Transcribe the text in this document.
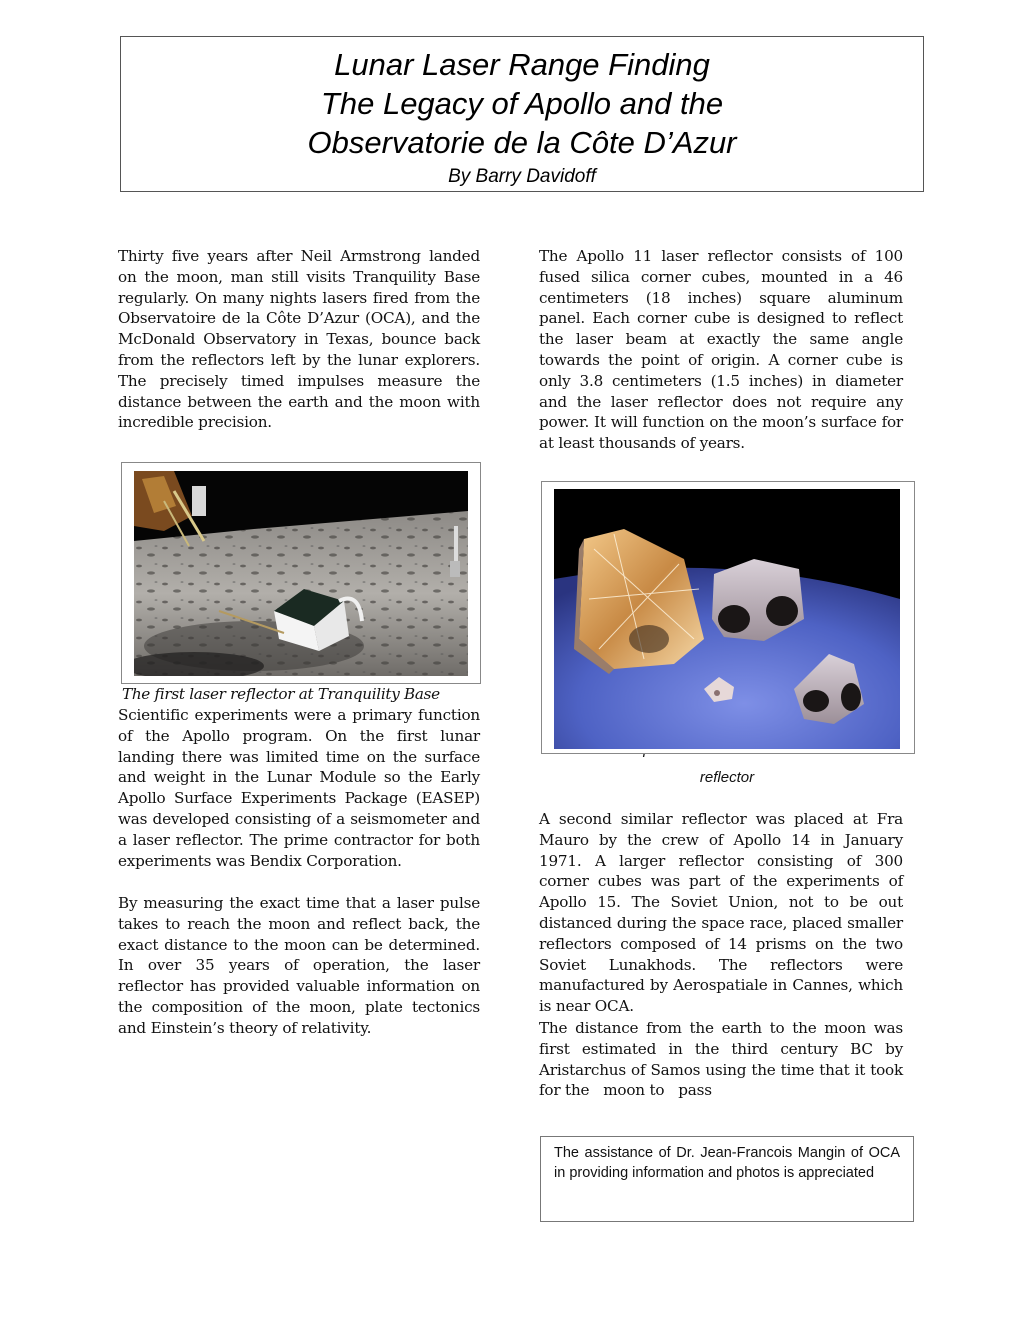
Lunar Laser Range Finding
The Legacy of Apollo and the
Observatorie de la Côte D’Azur
By Barry Davidoff

Thirty five years after Neil Armstrong landed on the moon, man still visits Tranquility Base regularly. On many nights lasers fired from the Observatoire de la Côte D’Azur (OCA), and the McDonald Observatory in Texas, bounce back from the reflectors left by the lunar explorers. The precisely timed impulses measure the distance between the earth and the moon with incredible precision.

The first laser reflector at Tranquility Base

Scientific experiments were a primary function of the Apollo program. On the first lunar landing there was limited time on the surface and weight in the Lunar Module so the Early Apollo Surface Experiments Package (EASEP) was developed consisting of a seismometer and a laser reflector. The prime contractor for both experiments was Bendix Corporation.

By measuring the exact time that a laser pulse takes to reach the moon and reflect back, the exact distance to the moon can be determined. In over 35 years of operation, the laser reflector has provided valuable information on the composition of the moon, plate tectonics and Einstein’s theory of relativity.

The Apollo 11 laser reflector consists of 100 fused silica corner cubes, mounted in a 46 centimeters (18 inches) square aluminum panel. Each corner cube is designed to reflect the laser beam at exactly the same angle towards the point of origin. A corner cube is only 3.8 centimeters (1.5 inches) in diameter and the laser reflector does not require any power. It will function on the moon’s surface for at least thousands of years.

reflector

A second similar reflector was placed at Fra Mauro by the crew of Apollo 14 in January 1971. A larger reflector consisting of 300 corner cubes was part of the experiments of Apollo 15. The Soviet Union, not to be out distanced during the space race, placed smaller reflectors composed of 14 prisms on the two Soviet Lunakhods. The reflectors were manufactured by Aerospatiale in Cannes, which is near OCA.

The distance from the earth to the moon was first estimated in the third century BC by Aristarchus of Samos using the time that it took for the   moon to   pass

The assistance of Dr. Jean-Francois Mangin of OCA in providing information and photos is appreciated
